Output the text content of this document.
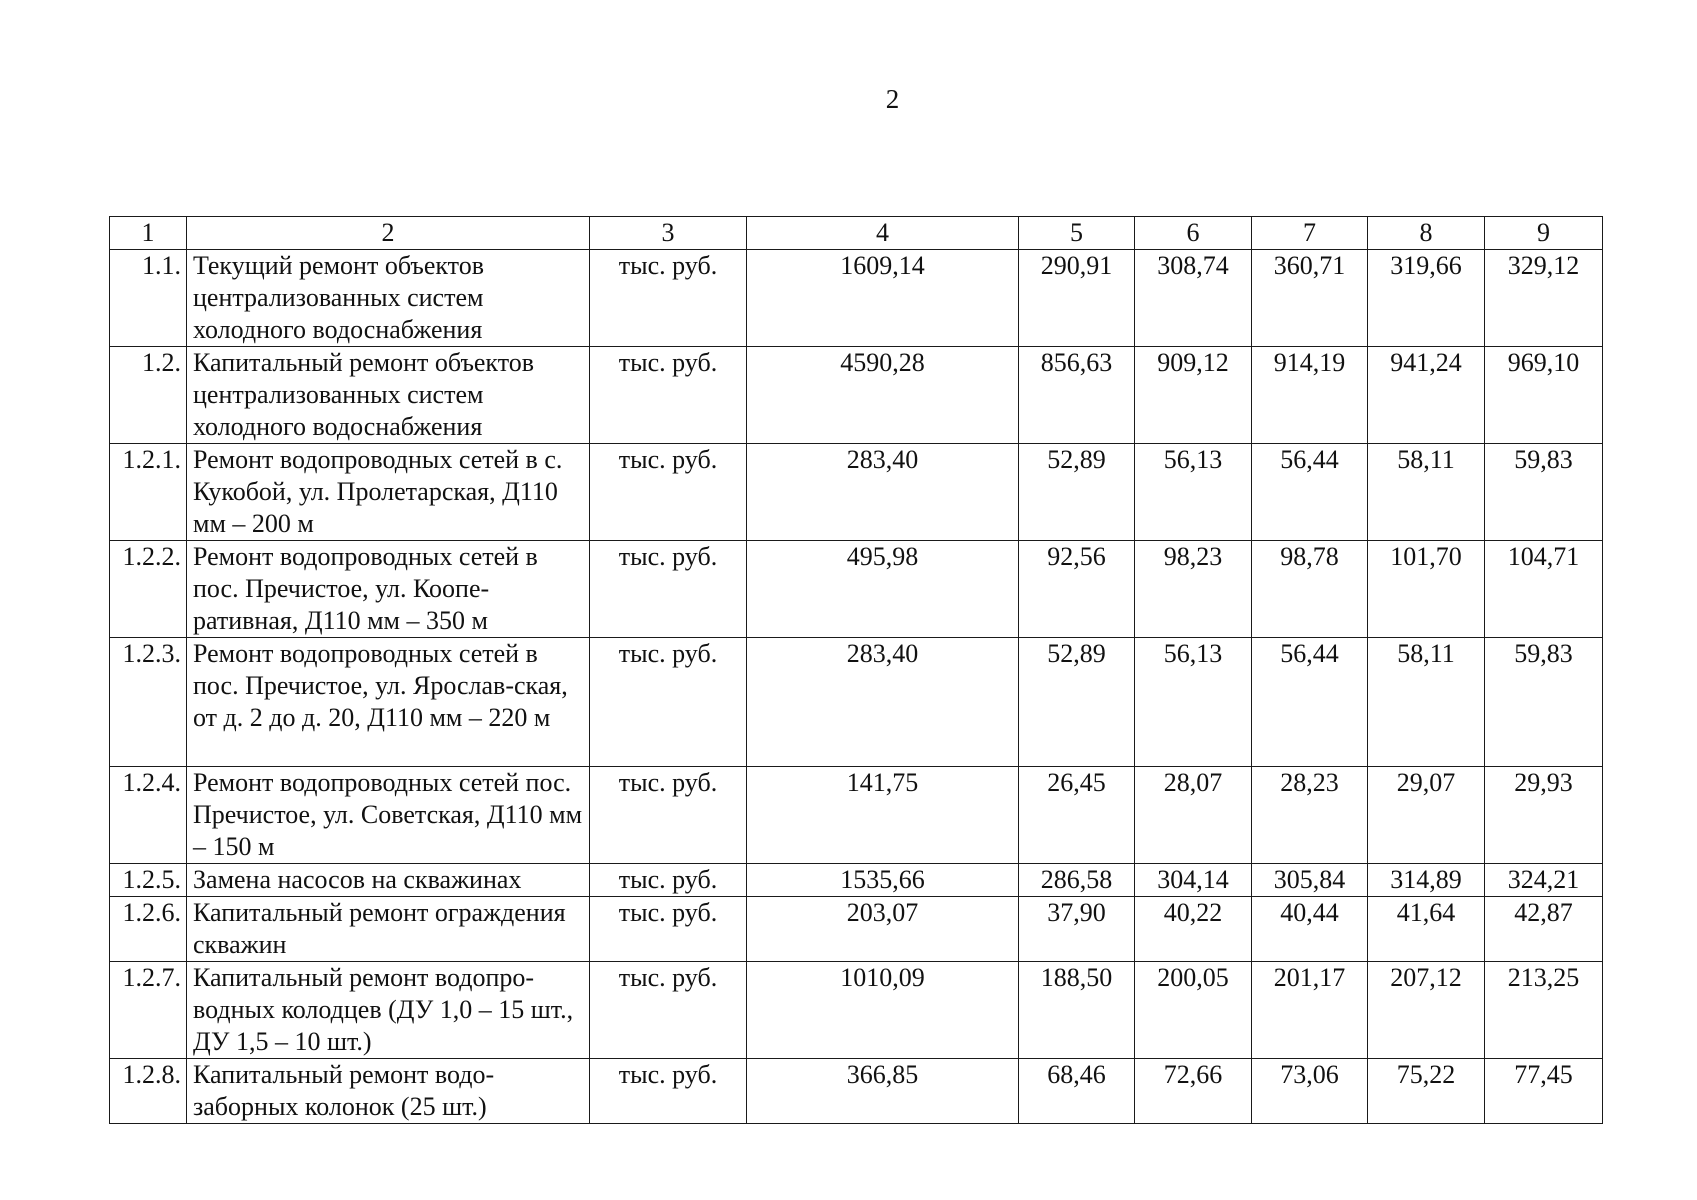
2
1	2	3	4	5	6	7	8	9
1.1.	Текущий ремонт объектов централизованных систем холодного водоснабжения	тыс. руб.	1609,14	290,91	308,74	360,71	319,66	329,12
1.2.	Капитальный ремонт объектов централизованных систем холодного водоснабжения	тыс. руб.	4590,28	856,63	909,12	914,19	941,24	969,10
1.2.1.	Ремонт водопроводных сетей в с. Кукобой, ул. Пролетарская, Д110 мм – 200 м	тыс. руб.	283,40	52,89	56,13	56,44	58,11	59,83
1.2.2.	Ремонт водопроводных сетей в пос. Пречистое, ул. Коопе-ративная, Д110 мм – 350 м	тыс. руб.	495,98	92,56	98,23	98,78	101,70	104,71
1.2.3.	Ремонт водопроводных сетей в пос. Пречистое, ул. Ярослав-ская, от д. 2 до д. 20, Д110 мм – 220 м	тыс. руб.	283,40	52,89	56,13	56,44	58,11	59,83
1.2.4.	Ремонт водопроводных сетей пос. Пречистое, ул. Советская, Д110 мм – 150 м	тыс. руб.	141,75	26,45	28,07	28,23	29,07	29,93
1.2.5.	Замена насосов на скважинах	тыс. руб.	1535,66	286,58	304,14	305,84	314,89	324,21
1.2.6.	Капитальный ремонт ограждения скважин	тыс. руб.	203,07	37,90	40,22	40,44	41,64	42,87
1.2.7.	Капитальный ремонт водопро-водных колодцев (ДУ 1,0 – 15 шт., ДУ 1,5 – 10 шт.)	тыс. руб.	1010,09	188,50	200,05	201,17	207,12	213,25
1.2.8.	Капитальный ремонт водо-заборных колонок (25 шт.)	тыс. руб.	366,85	68,46	72,66	73,06	75,22	77,45
